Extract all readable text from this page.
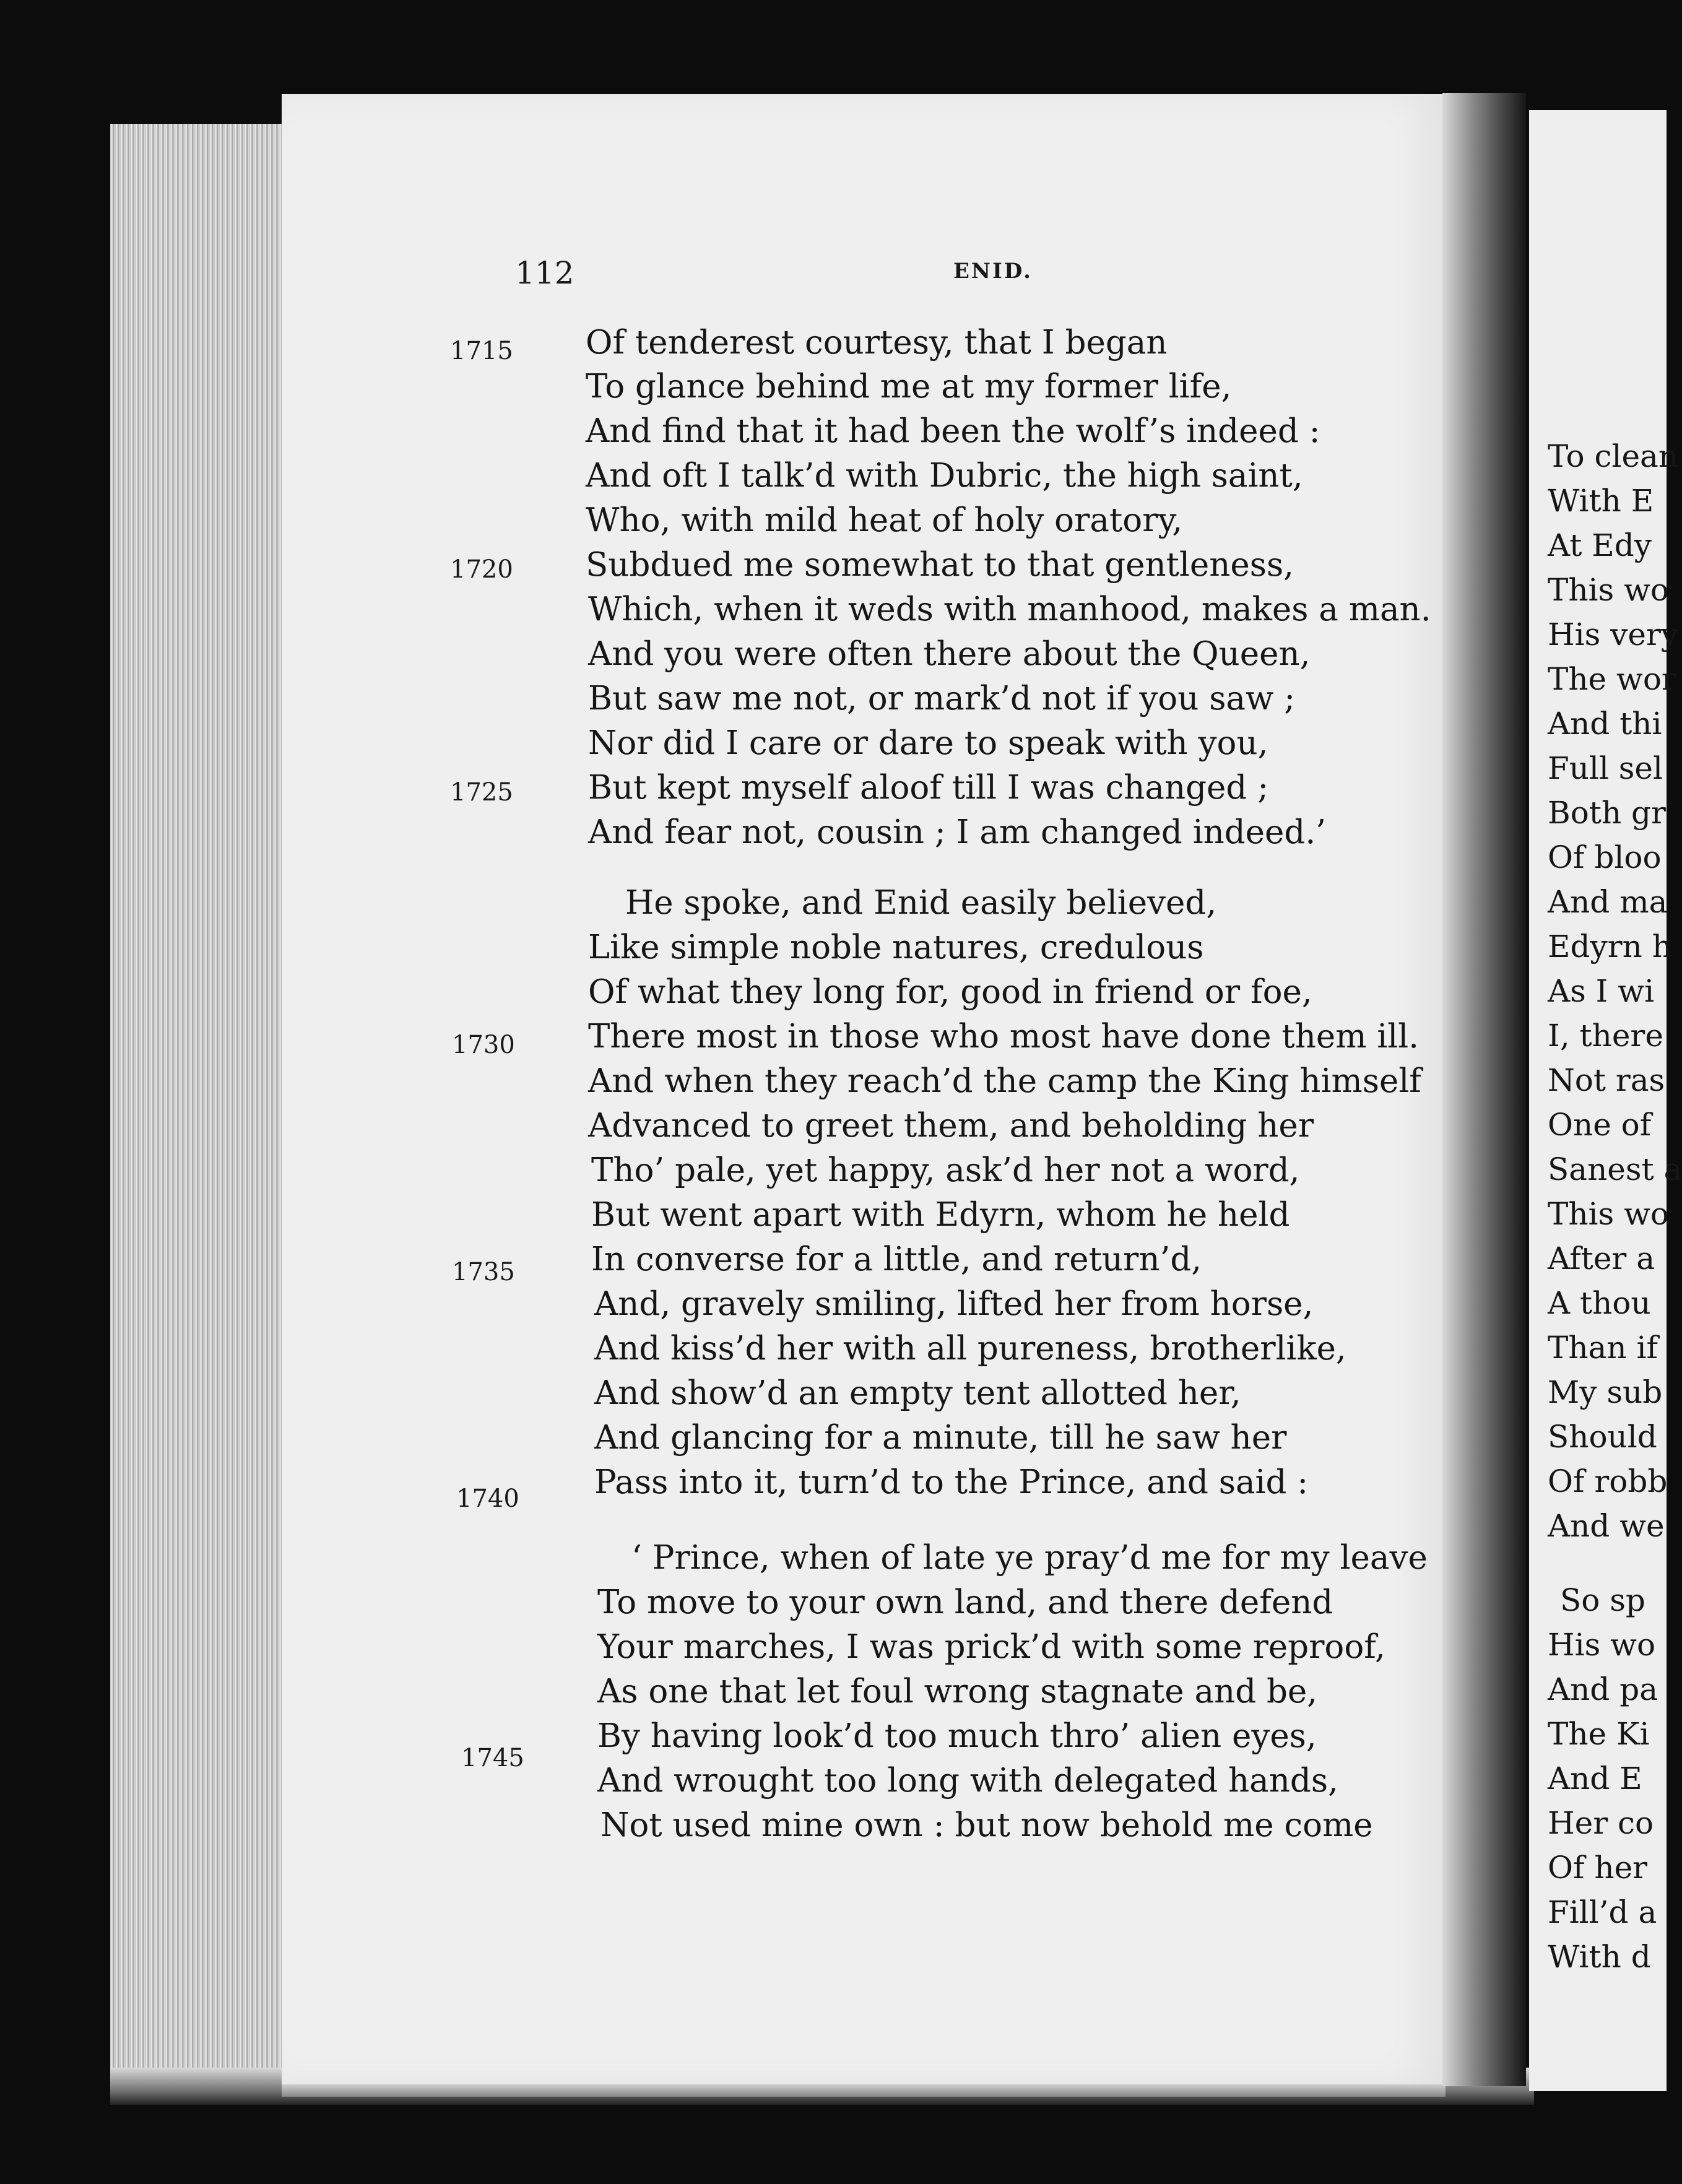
To clean
With E
At Edy
This wo
His very
The wor
And thi
Full sel
Both gr
Of bloo
And ma
Edyrn h
As I wi
I, there
Not ras
One of
Sanest a
This wo
After a
A thou
Than if
My sub
Should
Of robb
And we
So sp
His wo
And pa
The Ki
And E
Her co
Of her
Fill’d a
With d
112	ENID.
1715
1720
1725
1730
1735
1740
1745
Of tenderest courtesy, that I began
To glance behind me at my former life,
And find that it had been the wolf’s indeed :
And oft I talk’d with Dubric, the high saint,
Who, with mild heat of holy oratory,
Subdued me somewhat to that gentleness,
Which, when it weds with manhood, makes a man.
And you were often there about the Queen,
But saw me not, or mark’d not if you saw ;
Nor did I care or dare to speak with you,
But kept myself aloof till I was changed ;
And fear not, cousin ; I am changed indeed.’
He spoke, and Enid easily believed,
Like simple noble natures, credulous
Of what they long for, good in friend or foe,
There most in those who most have done them ill.
And when they reach’d the camp the King himself
Advanced to greet them, and beholding her
Tho’ pale, yet happy, ask’d her not a word,
But went apart with Edyrn, whom he held
In converse for a little, and return’d,
And, gravely smiling, lifted her from horse,
And kiss’d her with all pureness, brotherlike,
And show’d an empty tent allotted her,
And glancing for a minute, till he saw her
Pass into it, turn’d to the Prince, and said :
‘ Prince, when of late ye pray’d me for my leave
To move to your own land, and there defend
Your marches, I was prick’d with some reproof,
As one that let foul wrong stagnate and be,
By having look’d too much thro’ alien eyes,
And wrought too long with delegated hands,
Not used mine own : but now behold me come
